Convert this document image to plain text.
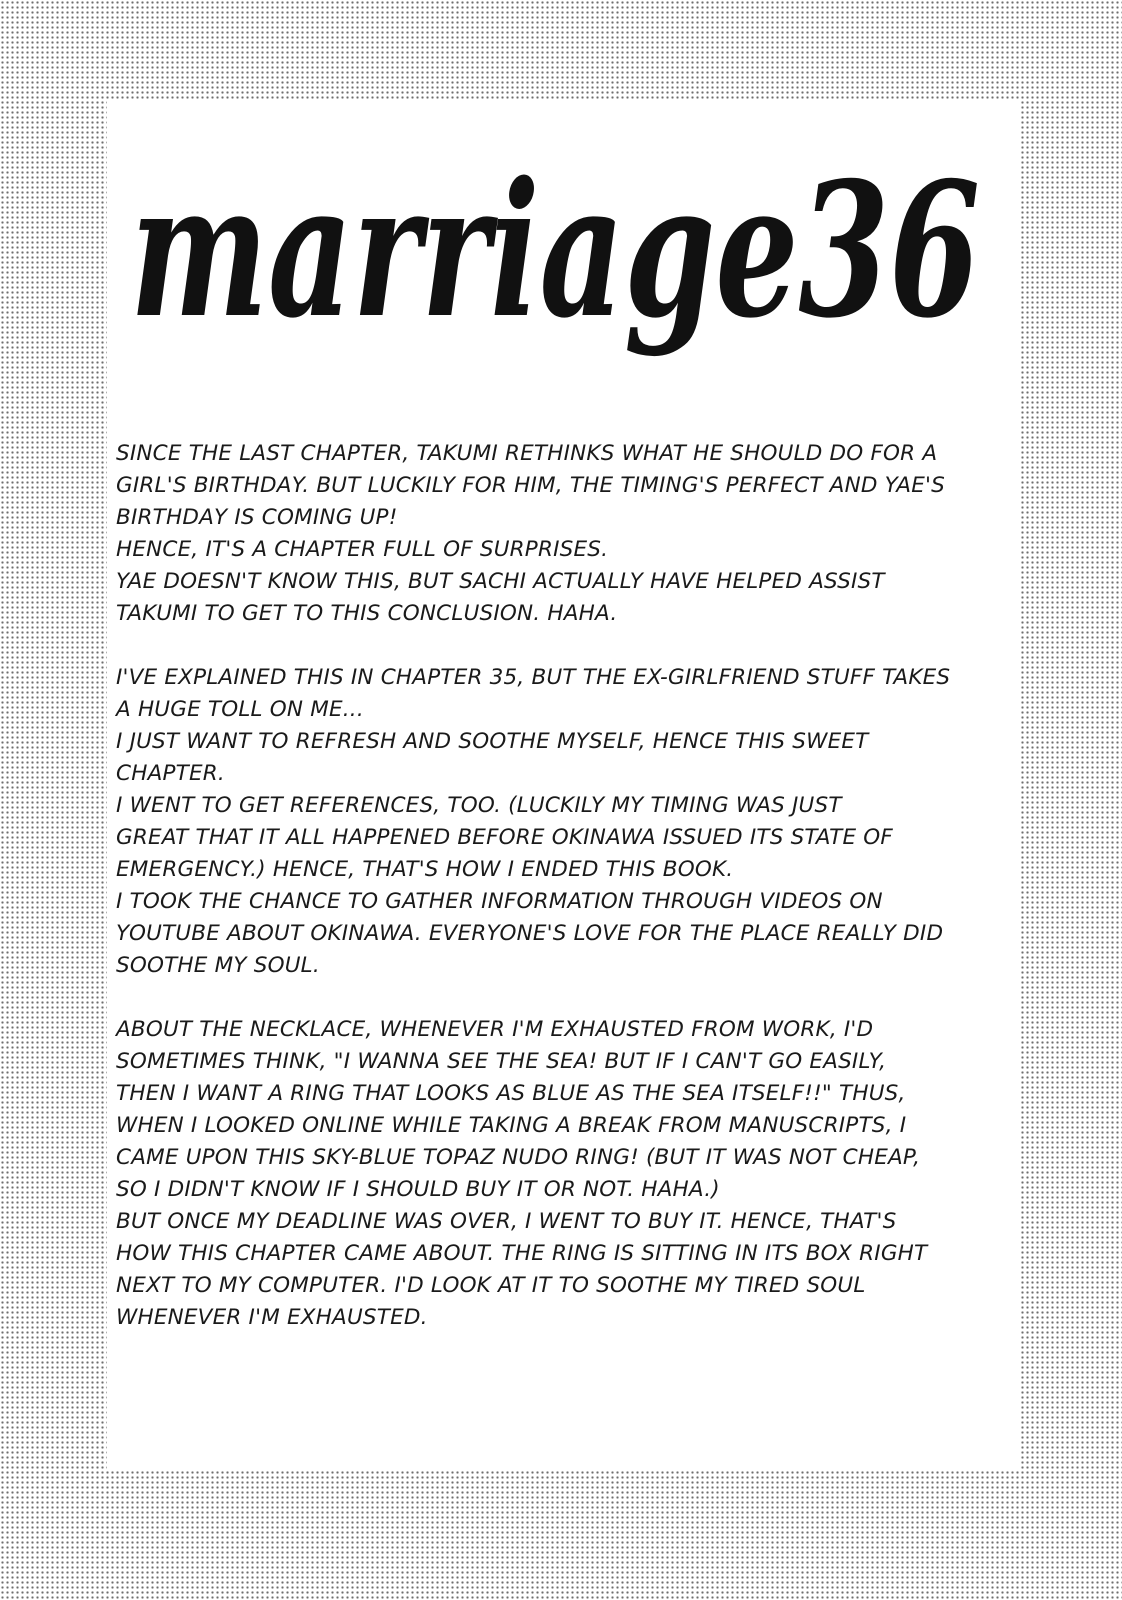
marriage36
SINCE THE LAST CHAPTER, TAKUMI RETHINKS WHAT HE SHOULD DO FOR A
GIRL'S BIRTHDAY. BUT LUCKILY FOR HIM, THE TIMING'S PERFECT AND YAE'S
BIRTHDAY IS COMING UP!
HENCE, IT'S A CHAPTER FULL OF SURPRISES.
YAE DOESN'T KNOW THIS, BUT SACHI ACTUALLY HAVE HELPED ASSIST
TAKUMI TO GET TO THIS CONCLUSION. HAHA.
I'VE EXPLAINED THIS IN CHAPTER 35, BUT THE EX-GIRLFRIEND STUFF TAKES
A HUGE TOLL ON ME...
I JUST WANT TO REFRESH AND SOOTHE MYSELF, HENCE THIS SWEET
CHAPTER.
I WENT TO GET REFERENCES, TOO. (LUCKILY MY TIMING WAS JUST
GREAT THAT IT ALL HAPPENED BEFORE OKINAWA ISSUED ITS STATE OF
EMERGENCY.) HENCE, THAT'S HOW I ENDED THIS BOOK.
I TOOK THE CHANCE TO GATHER INFORMATION THROUGH VIDEOS ON
YOUTUBE ABOUT OKINAWA. EVERYONE'S LOVE FOR THE PLACE REALLY DID
SOOTHE MY SOUL.
ABOUT THE NECKLACE, WHENEVER I'M EXHAUSTED FROM WORK, I'D
SOMETIMES THINK, "I WANNA SEE THE SEA! BUT IF I CAN'T GO EASILY,
THEN I WANT A RING THAT LOOKS AS BLUE AS THE SEA ITSELF!!" THUS,
WHEN I LOOKED ONLINE WHILE TAKING A BREAK FROM MANUSCRIPTS, I
CAME UPON THIS SKY-BLUE TOPAZ NUDO RING! (BUT IT WAS NOT CHEAP,
SO I DIDN'T KNOW IF I SHOULD BUY IT OR NOT. HAHA.)
BUT ONCE MY DEADLINE WAS OVER, I WENT TO BUY IT. HENCE, THAT'S
HOW THIS CHAPTER CAME ABOUT. THE RING IS SITTING IN ITS BOX RIGHT
NEXT TO MY COMPUTER. I'D LOOK AT IT TO SOOTHE MY TIRED SOUL
WHENEVER I'M EXHAUSTED.
